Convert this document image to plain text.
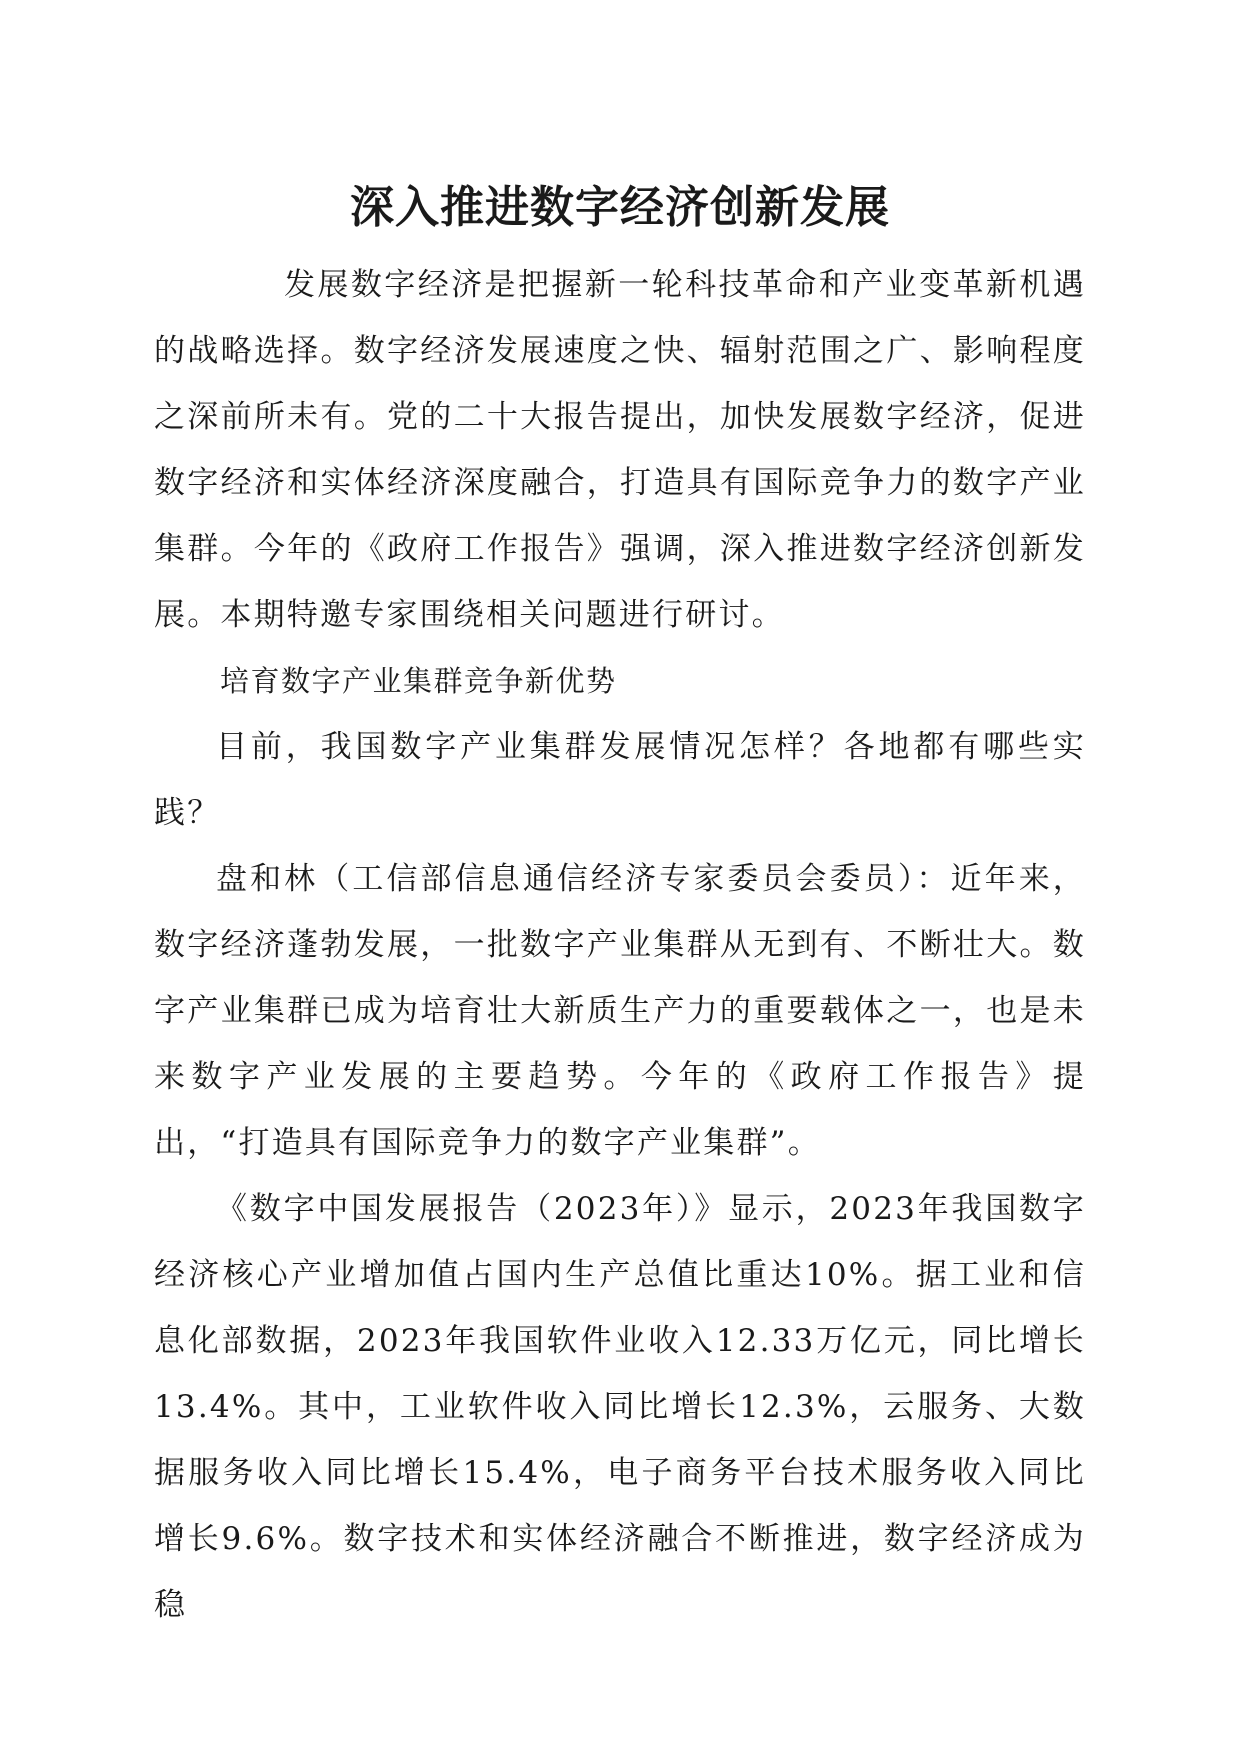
深入推进数字经济创新发展

发展数字经济是把握新一轮科技革命和产业变革新机遇的战略选择。数字经济发展速度之快、辐射范围之广、影响程度之深前所未有。党的二十大报告提出，加快发展数字经济，促进数字经济和实体经济深度融合，打造具有国际竞争力的数字产业集群。今年的《政府工作报告》强调，深入推进数字经济创新发展。本期特邀专家围绕相关问题进行研讨。

培育数字产业集群竞争新优势

目前，我国数字产业集群发展情况怎样？各地都有哪些实践？

盘和林（工信部信息通信经济专家委员会委员）：近年来，数字经济蓬勃发展，一批数字产业集群从无到有、不断壮大。数字产业集群已成为培育壮大新质生产力的重要载体之一，也是未来数字产业发展的主要趋势。今年的《政府工作报告》提出，“打造具有国际竞争力的数字产业集群”。

《数字中国发展报告（2023年）》显示，2023年我国数字经济核心产业增加值占国内生产总值比重达10%。据工业和信息化部数据，2023年我国软件业收入12.33万亿元，同比增长13.4%。其中，工业软件收入同比增长12.3%，云服务、大数据服务收入同比增长15.4%，电子商务平台技术服务收入同比增长9.6%。数字技术和实体经济融合不断推进，数字经济成为稳
